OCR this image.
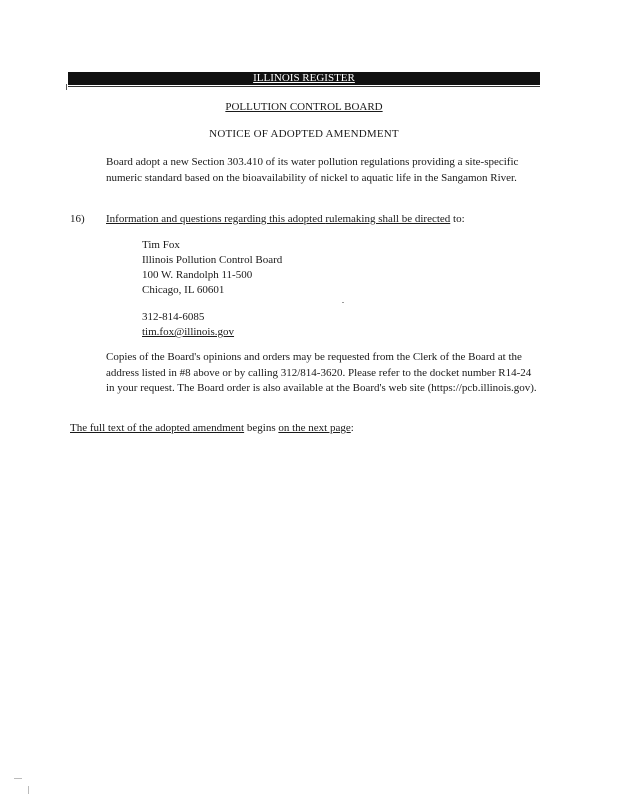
ILLINOIS REGISTER
POLLUTION CONTROL BOARD
NOTICE OF ADOPTED AMENDMENT
Board adopt a new Section 303.410 of its water pollution regulations providing a site-specific numeric standard based on the bioavailability of nickel to aquatic life in the Sangamon River.
16) Information and questions regarding this adopted rulemaking shall be directed to:
Tim Fox
Illinois Pollution Control Board
100 W. Randolph 11-500
Chicago, IL 60601
312-814-6085
tim.fox@illinois.gov
Copies of the Board's opinions and orders may be requested from the Clerk of the Board at the address listed in #8 above or by calling 312/814-3620. Please refer to the docket number R14-24 in your request. The Board order is also available at the Board's web site (https://pcb.illinois.gov).
The full text of the adopted amendment begins on the next page:
